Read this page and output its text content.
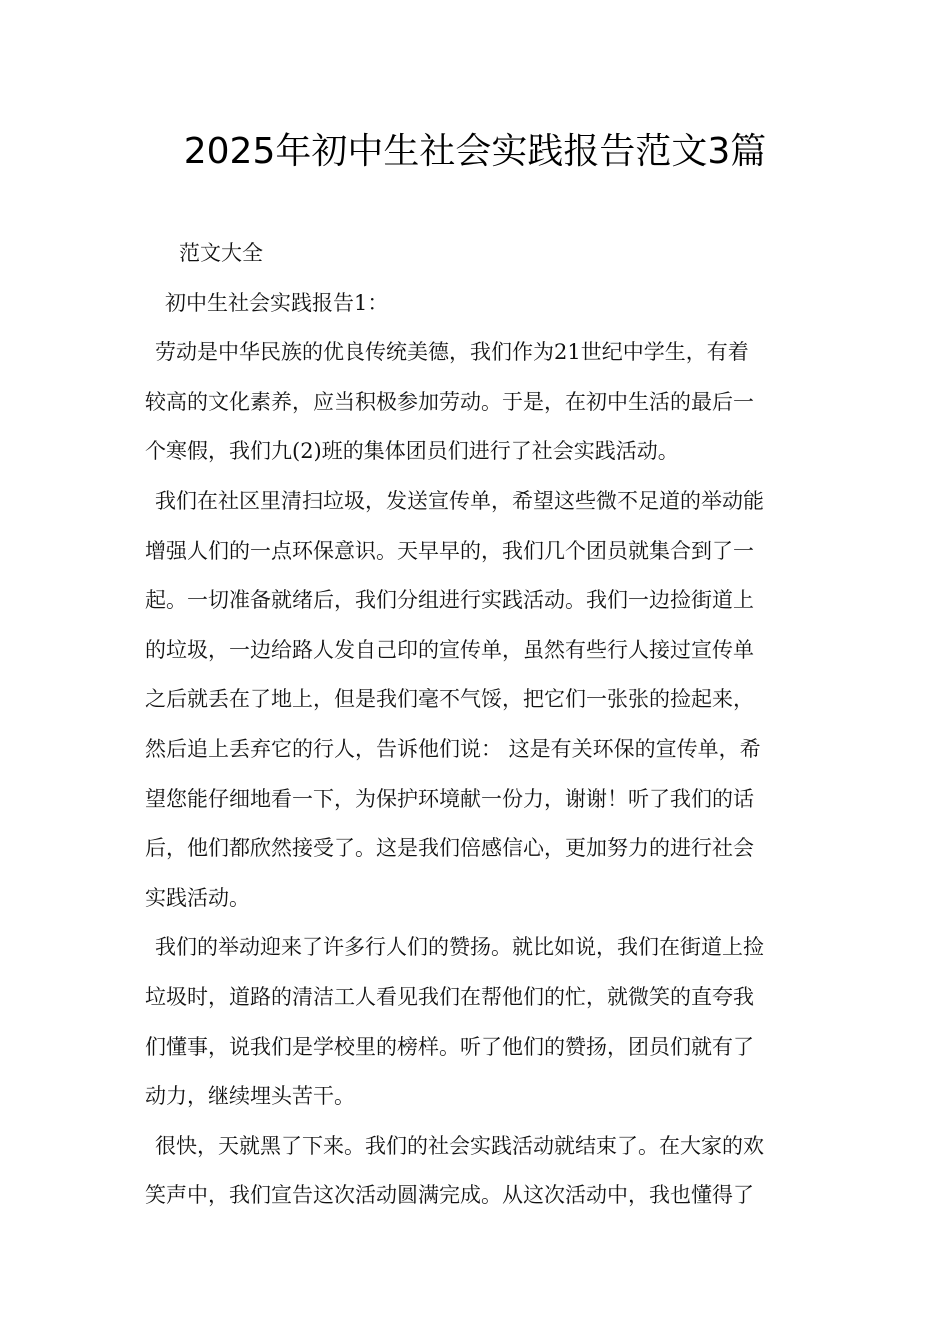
2025年初中生社会实践报告范文3篇
范文大全
初中生社会实践报告1：
劳动是中华民族的优良传统美德，我们作为21世纪中学生，有着
较高的文化素养，应当积极参加劳动。于是，在初中生活的最后一
个寒假，我们九(2)班的集体团员们进行了社会实践活动。
我们在社区里清扫垃圾，发送宣传单，希望这些微不足道的举动能
增强人们的一点环保意识。天早早的，我们几个团员就集合到了一
起。一切准备就绪后，我们分组进行实践活动。我们一边捡街道上
的垃圾，一边给路人发自己印的宣传单，虽然有些行人接过宣传单
之后就丢在了地上，但是我们毫不气馁，把它们一张张的捡起来，
然后追上丢弃它的行人，告诉他们说： 这是有关环保的宣传单，希
望您能仔细地看一下，为保护环境献一份力，谢谢！听了我们的话
后，他们都欣然接受了。这是我们倍感信心，更加努力的进行社会
实践活动。
我们的举动迎来了许多行人们的赞扬。就比如说，我们在街道上捡
垃圾时，道路的清洁工人看见我们在帮他们的忙，就微笑的直夸我
们懂事，说我们是学校里的榜样。听了他们的赞扬，团员们就有了
动力，继续埋头苦干。
很快，天就黑了下来。我们的社会实践活动就结束了。在大家的欢
笑声中，我们宣告这次活动圆满完成。从这次活动中，我也懂得了
